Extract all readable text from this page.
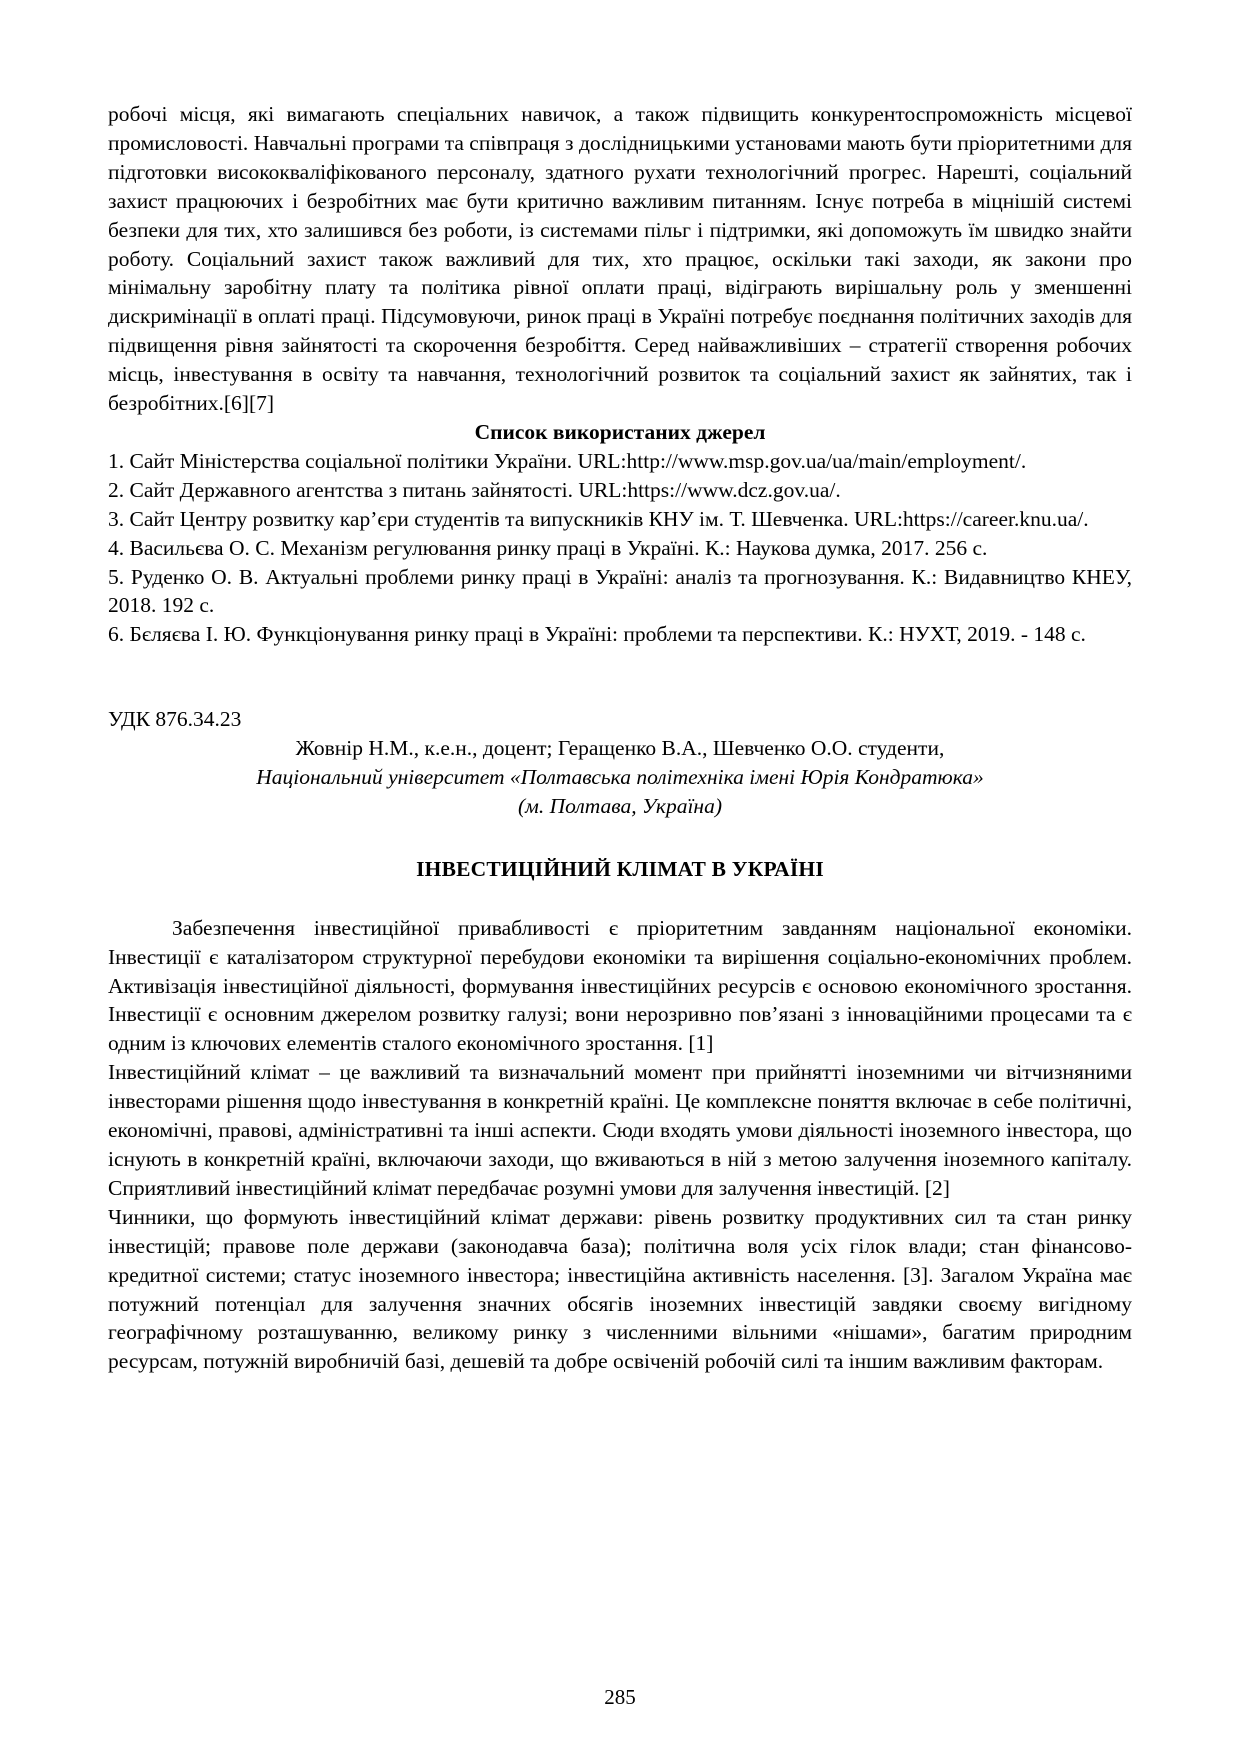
робочі місця, які вимагають спеціальних навичок, а також підвищить конкурентоспроможність місцевої промисловості. Навчальні програми та співпраця з дослідницькими установами мають бути пріоритетними для підготовки висококваліфікованого персоналу, здатного рухати технологічний прогрес. Нарешті, соціальний захист працюючих і безробітних має бути критично важливим питанням. Існує потреба в міцнішій системі безпеки для тих, хто залишився без роботи, із системами пільг і підтримки, які допоможуть їм швидко знайти роботу. Соціальний захист також важливий для тих, хто працює, оскільки такі заходи, як закони про мінімальну заробітну плату та політика рівної оплати праці, відіграють вирішальну роль у зменшенні дискримінації в оплаті праці. Підсумовуючи, ринок праці в Україні потребує поєднання політичних заходів для підвищення рівня зайнятості та скорочення безробіття. Серед найважливіших – стратегії створення робочих місць, інвестування в освіту та навчання, технологічний розвиток та соціальний захист як зайнятих, так і безробітних.[6][7]

Список використаних джерел

1. Сайт Міністерства соціальної політики України. URL:http://www.msp.gov.ua/ua/main/employment/.

2. Сайт Державного агентства з питань зайнятості. URL:https://www.dcz.gov.ua/.

3. Сайт Центру розвитку кар’єри студентів та випускників КНУ ім. Т. Шевченка. URL:https://career.knu.ua/.

4. Васильєва О. С. Механізм регулювання ринку праці в Україні. К.: Наукова думка, 2017. 256 с.

5. Руденко О. В. Актуальні проблеми ринку праці в Україні: аналіз та прогнозування. К.: Видавництво КНЕУ, 2018. 192 с.

6. Бєляєва І. Ю. Функціонування ринку праці в Україні: проблеми та перспективи. К.: НУХТ, 2019. - 148 с.

УДК 876.34.23

Жовнір Н.М., к.е.н., доцент; Геращенко В.А., Шевченко О.О. студенти,

Національний університет «Полтавська політехніка імені Юрія Кондратюка»

(м. Полтава, Україна)

ІНВЕСТИЦІЙНИЙ КЛІМАТ В УКРАЇНІ

Забезпечення інвестиційної привабливості є пріоритетним завданням національної економіки. Інвестиції є каталізатором структурної перебудови економіки та вирішення соціально-економічних проблем. Активізація інвестиційної діяльності, формування інвестиційних ресурсів є основою економічного зростання. Інвестиції є основним джерелом розвитку галузі; вони нерозривно пов’язані з інноваційними процесами та є одним із ключових елементів сталого економічного зростання. [1]

Інвестиційний клімат – це важливий та визначальний момент при прийнятті іноземними чи вітчизняними інвесторами рішення щодо інвестування в конкретній країні. Це комплексне поняття включає в себе політичні, економічні, правові, адміністративні та інші аспекти. Сюди входять умови діяльності іноземного інвестора, що існують в конкретній країні, включаючи заходи, що вживаються в ній з метою залучення іноземного капіталу. Сприятливий інвестиційний клімат передбачає розумні умови для залучення інвестицій. [2]

Чинники, що формують інвестиційний клімат держави: рівень розвитку продуктивних сил та стан ринку інвестицій; правове поле держави (законодавча база); політична воля усіх гілок влади; стан фінансово-кредитної системи; статус іноземного інвестора; інвестиційна активність населення. [3]. Загалом Україна має потужний потенціал для залучення значних обсягів іноземних інвестицій завдяки своєму вигідному географічному розташуванню, великому ринку з численними вільними «нішами», багатим природним ресурсам, потужній виробничій базі, дешевій та добре освіченій робочій силі та іншим важливим факторам.

285
